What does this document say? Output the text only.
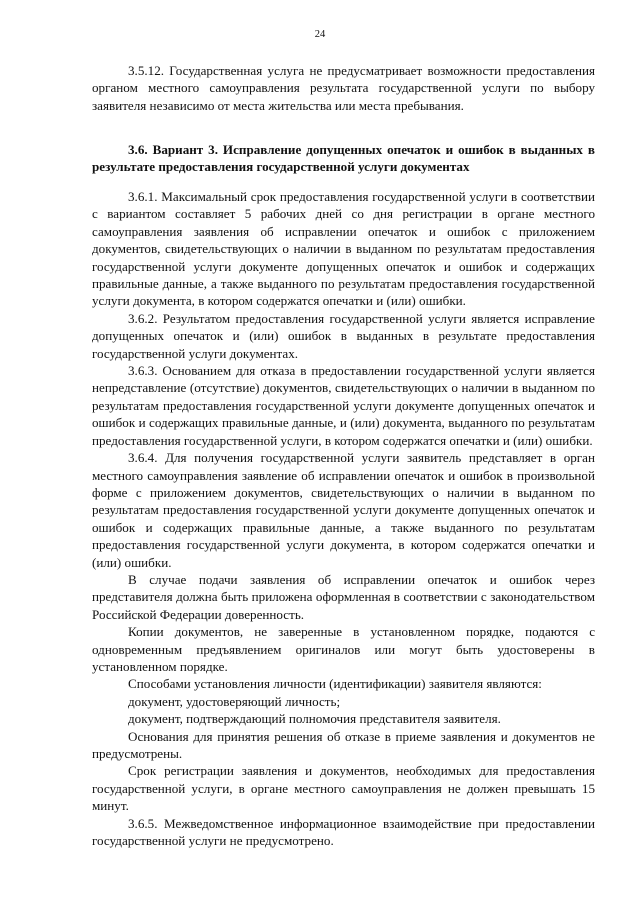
24

3.5.12. Государственная услуга не предусматривает возможности предоставления органом местного самоуправления результата государственной услуги по выбору заявителя независимо от места жительства или места пребывания.

3.6. Вариант 3. Исправление допущенных опечаток и ошибок в выданных в результате предоставления государственной услуги документах

3.6.1. Максимальный срок предоставления государственной услуги в соответствии с вариантом составляет 5 рабочих дней со дня регистрации в органе местного самоуправления заявления об исправлении опечаток и ошибок с приложением документов, свидетельствующих о наличии в выданном по результатам предоставления государственной услуги документе допущенных опечаток и ошибок и содержащих правильные данные, а также выданного по результатам предоставления государственной услуги документа, в котором содержатся опечатки и (или) ошибки.

3.6.2. Результатом предоставления государственной услуги является исправление допущенных опечаток и (или) ошибок в выданных в результате предоставления государственной услуги документах.

3.6.3. Основанием для отказа в предоставлении государственной услуги является непредставление (отсутствие) документов, свидетельствующих о наличии в выданном по результатам предоставления государственной услуги документе допущенных опечаток и ошибок и содержащих правильные данные, и (или) документа, выданного по результатам предоставления государственной услуги, в котором содержатся опечатки и (или) ошибки.

3.6.4. Для получения государственной услуги заявитель представляет в орган местного самоуправления заявление об исправлении опечаток и ошибок в произвольной форме с приложением документов, свидетельствующих о наличии в выданном по результатам предоставления государственной услуги документе допущенных опечаток и ошибок и содержащих правильные данные, а также выданного по результатам предоставления государственной услуги документа, в котором содержатся опечатки и (или) ошибки.

В случае подачи заявления об исправлении опечаток и ошибок через представителя должна быть приложена оформленная в соответствии с законодательством Российской Федерации доверенность.

Копии документов, не заверенные в установленном порядке, подаются с одновременным предъявлением оригиналов или могут быть удостоверены в установленном порядке.

Способами установления личности (идентификации) заявителя являются:

документ, удостоверяющий личность;

документ, подтверждающий полномочия представителя заявителя.

Основания для принятия решения об отказе в приеме заявления и документов не предусмотрены.

Срок регистрации заявления и документов, необходимых для предоставления государственной услуги, в органе местного самоуправления не должен превышать 15 минут.

3.6.5. Межведомственное информационное взаимодействие при предоставлении государственной услуги не предусмотрено.
